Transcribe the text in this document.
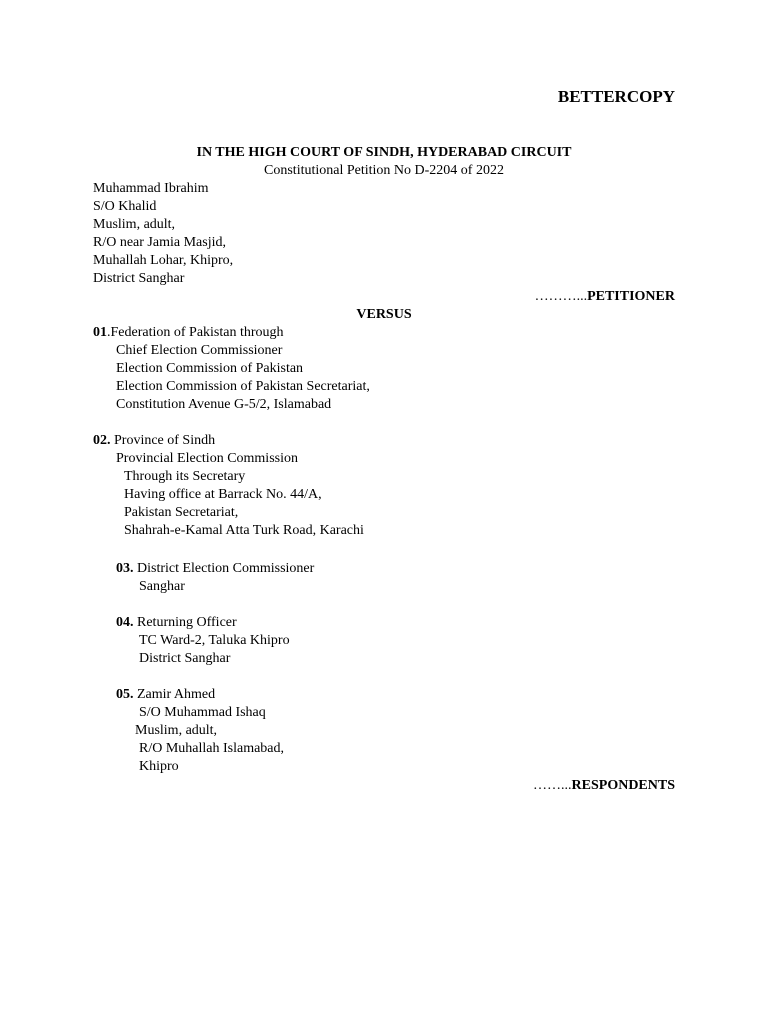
BETTERCOPY
IN THE HIGH COURT OF SINDH, HYDERABAD CIRCUIT
Constitutional Petition No D-2204 of 2022
Muhammad Ibrahim
S/O Khalid
Muslim, adult,
R/O near Jamia Masjid,
Muhallah Lohar, Khipro,
District Sanghar
………...PETITIONER
VERSUS
01.Federation of Pakistan through
Chief Election Commissioner
Election Commission of Pakistan
Election Commission of Pakistan Secretariat,
Constitution Avenue G-5/2, Islamabad
02. Province of Sindh
Provincial Election Commission
Through its Secretary
Having office at Barrack No. 44/A,
Pakistan Secretariat,
Shahrah-e-Kamal Atta Turk Road, Karachi
03. District Election Commissioner
Sanghar
04. Returning Officer
TC Ward-2, Taluka Khipro
District Sanghar
05. Zamir Ahmed
S/O Muhammad Ishaq
Muslim, adult,
R/O Muhallah Islamabad,
Khipro
……...RESPONDENTS
